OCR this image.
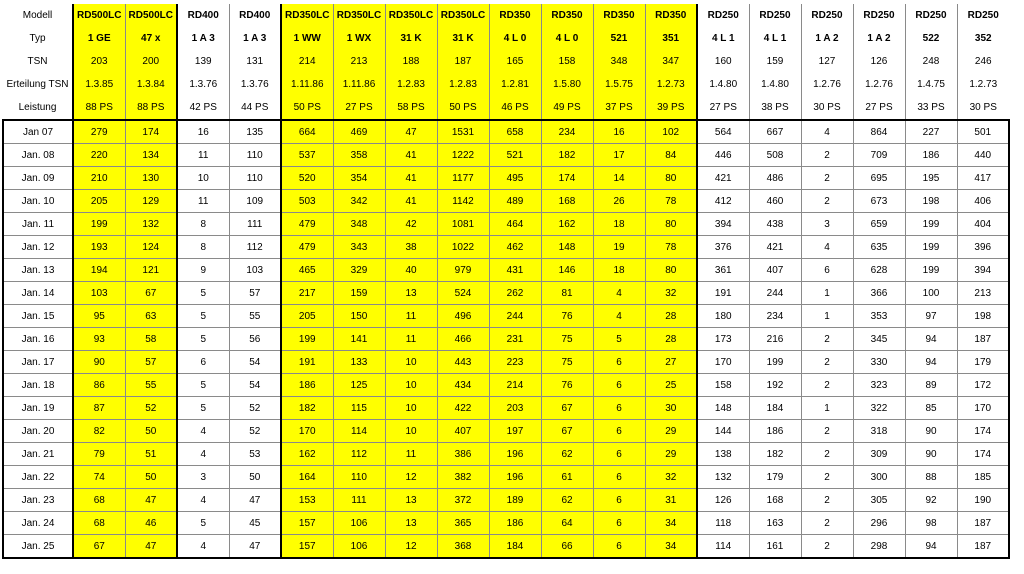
Modell	RD500LC	RD500LC	RD400	RD400	RD350LC	RD350LC	RD350LC	RD350LC	RD350	RD350	RD350	RD350	RD250	RD250	RD250	RD250	RD250	RD250
Typ	1 GE	47 x	1 A 3	1 A 3	1 WW	1 WX	31 K	31 K	4 L 0	4 L 0	521	351	4 L 1	4 L 1	1 A 2	1 A 2	522	352
TSN	203	200	139	131	214	213	188	187	165	158	348	347	160	159	127	126	248	246
Erteilung TSN	1.3.85	1.3.84	1.3.76	1.3.76	1.11.86	1.11.86	1.2.83	1.2.83	1.2.81	1.5.80	1.5.75	1.2.73	1.4.80	1.4.80	1.2.76	1.2.76	1.4.75	1.2.73
Leistung	88 PS	88 PS	42 PS	44 PS	50 PS	27 PS	58 PS	50 PS	46 PS	49 PS	37 PS	39 PS	27 PS	38 PS	30 PS	27 PS	33 PS	30 PS
Jan 07	279	174	16	135	664	469	47	1531	658	234	16	102	564	667	4	864	227	501
Jan. 08	220	134	11	110	537	358	41	1222	521	182	17	84	446	508	2	709	186	440
Jan. 09	210	130	10	110	520	354	41	1177	495	174	14	80	421	486	2	695	195	417
Jan. 10	205	129	11	109	503	342	41	1142	489	168	26	78	412	460	2	673	198	406
Jan. 11	199	132	8	111	479	348	42	1081	464	162	18	80	394	438	3	659	199	404
Jan. 12	193	124	8	112	479	343	38	1022	462	148	19	78	376	421	4	635	199	396
Jan. 13	194	121	9	103	465	329	40	979	431	146	18	80	361	407	6	628	199	394
Jan. 14	103	67	5	57	217	159	13	524	262	81	4	32	191	244	1	366	100	213
Jan. 15	95	63	5	55	205	150	11	496	244	76	4	28	180	234	1	353	97	198
Jan. 16	93	58	5	56	199	141	11	466	231	75	5	28	173	216	2	345	94	187
Jan. 17	90	57	6	54	191	133	10	443	223	75	6	27	170	199	2	330	94	179
Jan. 18	86	55	5	54	186	125	10	434	214	76	6	25	158	192	2	323	89	172
Jan. 19	87	52	5	52	182	115	10	422	203	67	6	30	148	184	1	322	85	170
Jan. 20	82	50	4	52	170	114	10	407	197	67	6	29	144	186	2	318	90	174
Jan. 21	79	51	4	53	162	112	11	386	196	62	6	29	138	182	2	309	90	174
Jan. 22	74	50	3	50	164	110	12	382	196	61	6	32	132	179	2	300	88	185
Jan. 23	68	47	4	47	153	111	13	372	189	62	6	31	126	168	2	305	92	190
Jan. 24	68	46	5	45	157	106	13	365	186	64	6	34	118	163	2	296	98	187
Jan. 25	67	47	4	47	157	106	12	368	184	66	6	34	114	161	2	298	94	187
